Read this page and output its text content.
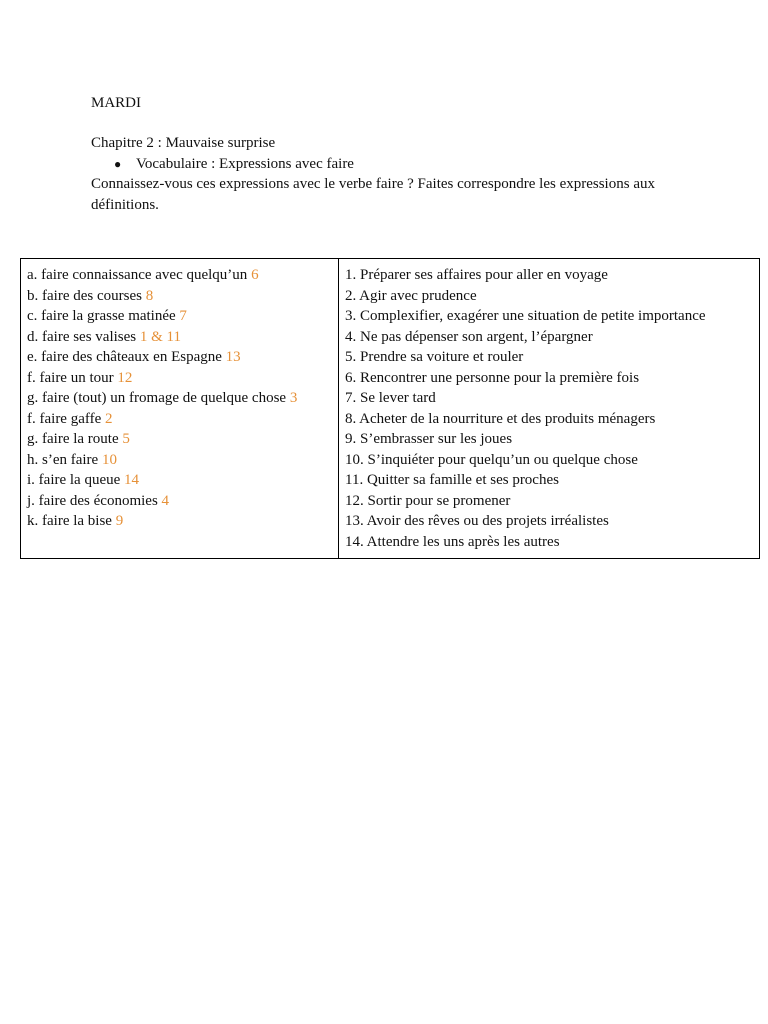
MARDI
Chapitre 2 : Mauvaise surprise
● Vocabulaire : Expressions avec faire
Connaissez-vous ces expressions avec le verbe faire ? Faites correspondre les expressions aux définitions.
a. faire connaissance avec quelqu’un 6
b. faire des courses 8
c. faire la grasse matinée 7
d. faire ses valises 1 & 11
e. faire des châteaux en Espagne 13
f. faire un tour 12
g. faire (tout) un fromage de quelque chose 3
f. faire gaffe 2
g. faire la route 5
h. s’en faire 10
i. faire la queue 14
j. faire des économies 4
k. faire la bise 9
1. Préparer ses affaires pour aller en voyage
2. Agir avec prudence
3. Complexifier, exagérer une situation de petite importance
4. Ne pas dépenser son argent, l’épargner
5. Prendre sa voiture et rouler
6. Rencontrer une personne pour la première fois
7. Se lever tard
8. Acheter de la nourriture et des produits ménagers
9. S’embrasser sur les joues
10. S’inquiéter pour quelqu’un ou quelque chose
11. Quitter sa famille et ses proches
12. Sortir pour se promener
13. Avoir des rêves ou des projets irréalistes
14. Attendre les uns après les autres
